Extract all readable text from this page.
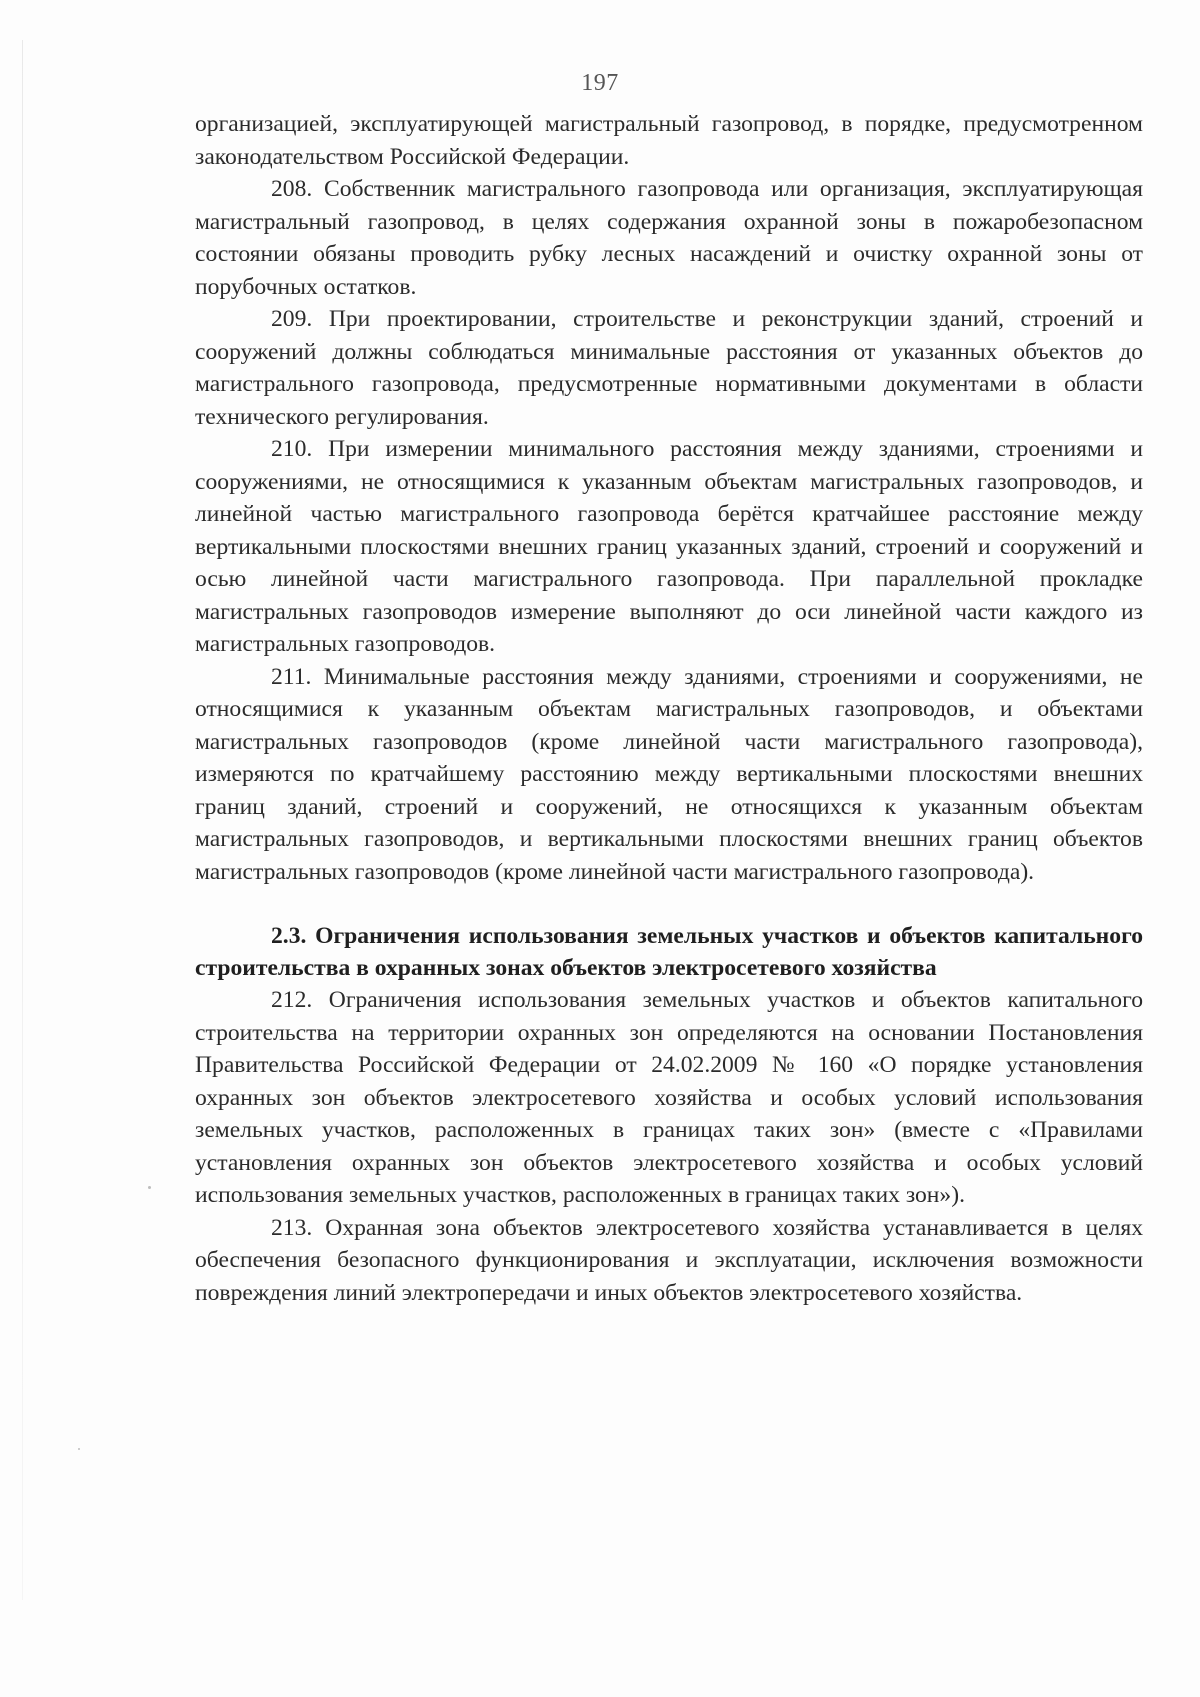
197

организацией, эксплуатирующей магистральный газопровод, в порядке, предусмотренном законодательством Российской Федерации.

208. Собственник магистрального газопровода или организация, эксплуатирующая магистральный газопровод, в целях содержания охранной зоны в пожаробезопасном состоянии обязаны проводить рубку лесных насаждений и очистку охранной зоны от порубочных остатков.

209. При проектировании, строительстве и реконструкции зданий, строений и сооружений должны соблюдаться минимальные расстояния от указанных объектов до магистрального газопровода, предусмотренные нормативными документами в области технического регулирования.

210. При измерении минимального расстояния между зданиями, строениями и сооружениями, не относящимися к указанным объектам магистральных газопроводов, и линейной частью магистрального газопровода берётся кратчайшее расстояние между вертикальными плоскостями внешних границ указанных зданий, строений и сооружений и осью линейной части магистрального газопровода. При параллельной прокладке магистральных газопроводов измерение выполняют до оси линейной части каждого из магистральных газопроводов.

211. Минимальные расстояния между зданиями, строениями и сооружениями, не относящимися к указанным объектам магистральных газопроводов, и объектами магистральных газопроводов (кроме линейной части магистрального газопровода), измеряются по кратчайшему расстоянию между вертикальными плоскостями внешних границ зданий, строений и сооружений, не относящихся к указанным объектам магистральных газопроводов, и вертикальными плоскостями внешних границ объектов магистральных газопроводов (кроме линейной части магистрального газопровода).

2.3. Ограничения использования земельных участков и объектов капитального строительства в охранных зонах объектов электросетевого хозяйства

212. Ограничения использования земельных участков и объектов капитального строительства на территории охранных зон определяются на основании Постановления Правительства Российской Федерации от 24.02.2009 № 160 «О порядке установления охранных зон объектов электросетевого хозяйства и особых условий использования земельных участков, расположенных в границах таких зон» (вместе с «Правилами установления охранных зон объектов электросетевого хозяйства и особых условий использования земельных участков, расположенных в границах таких зон»).

213. Охранная зона объектов электросетевого хозяйства устанавливается в целях обеспечения безопасного функционирования и эксплуатации, исключения возможности повреждения линий электропередачи и иных объектов электросетевого хозяйства.
